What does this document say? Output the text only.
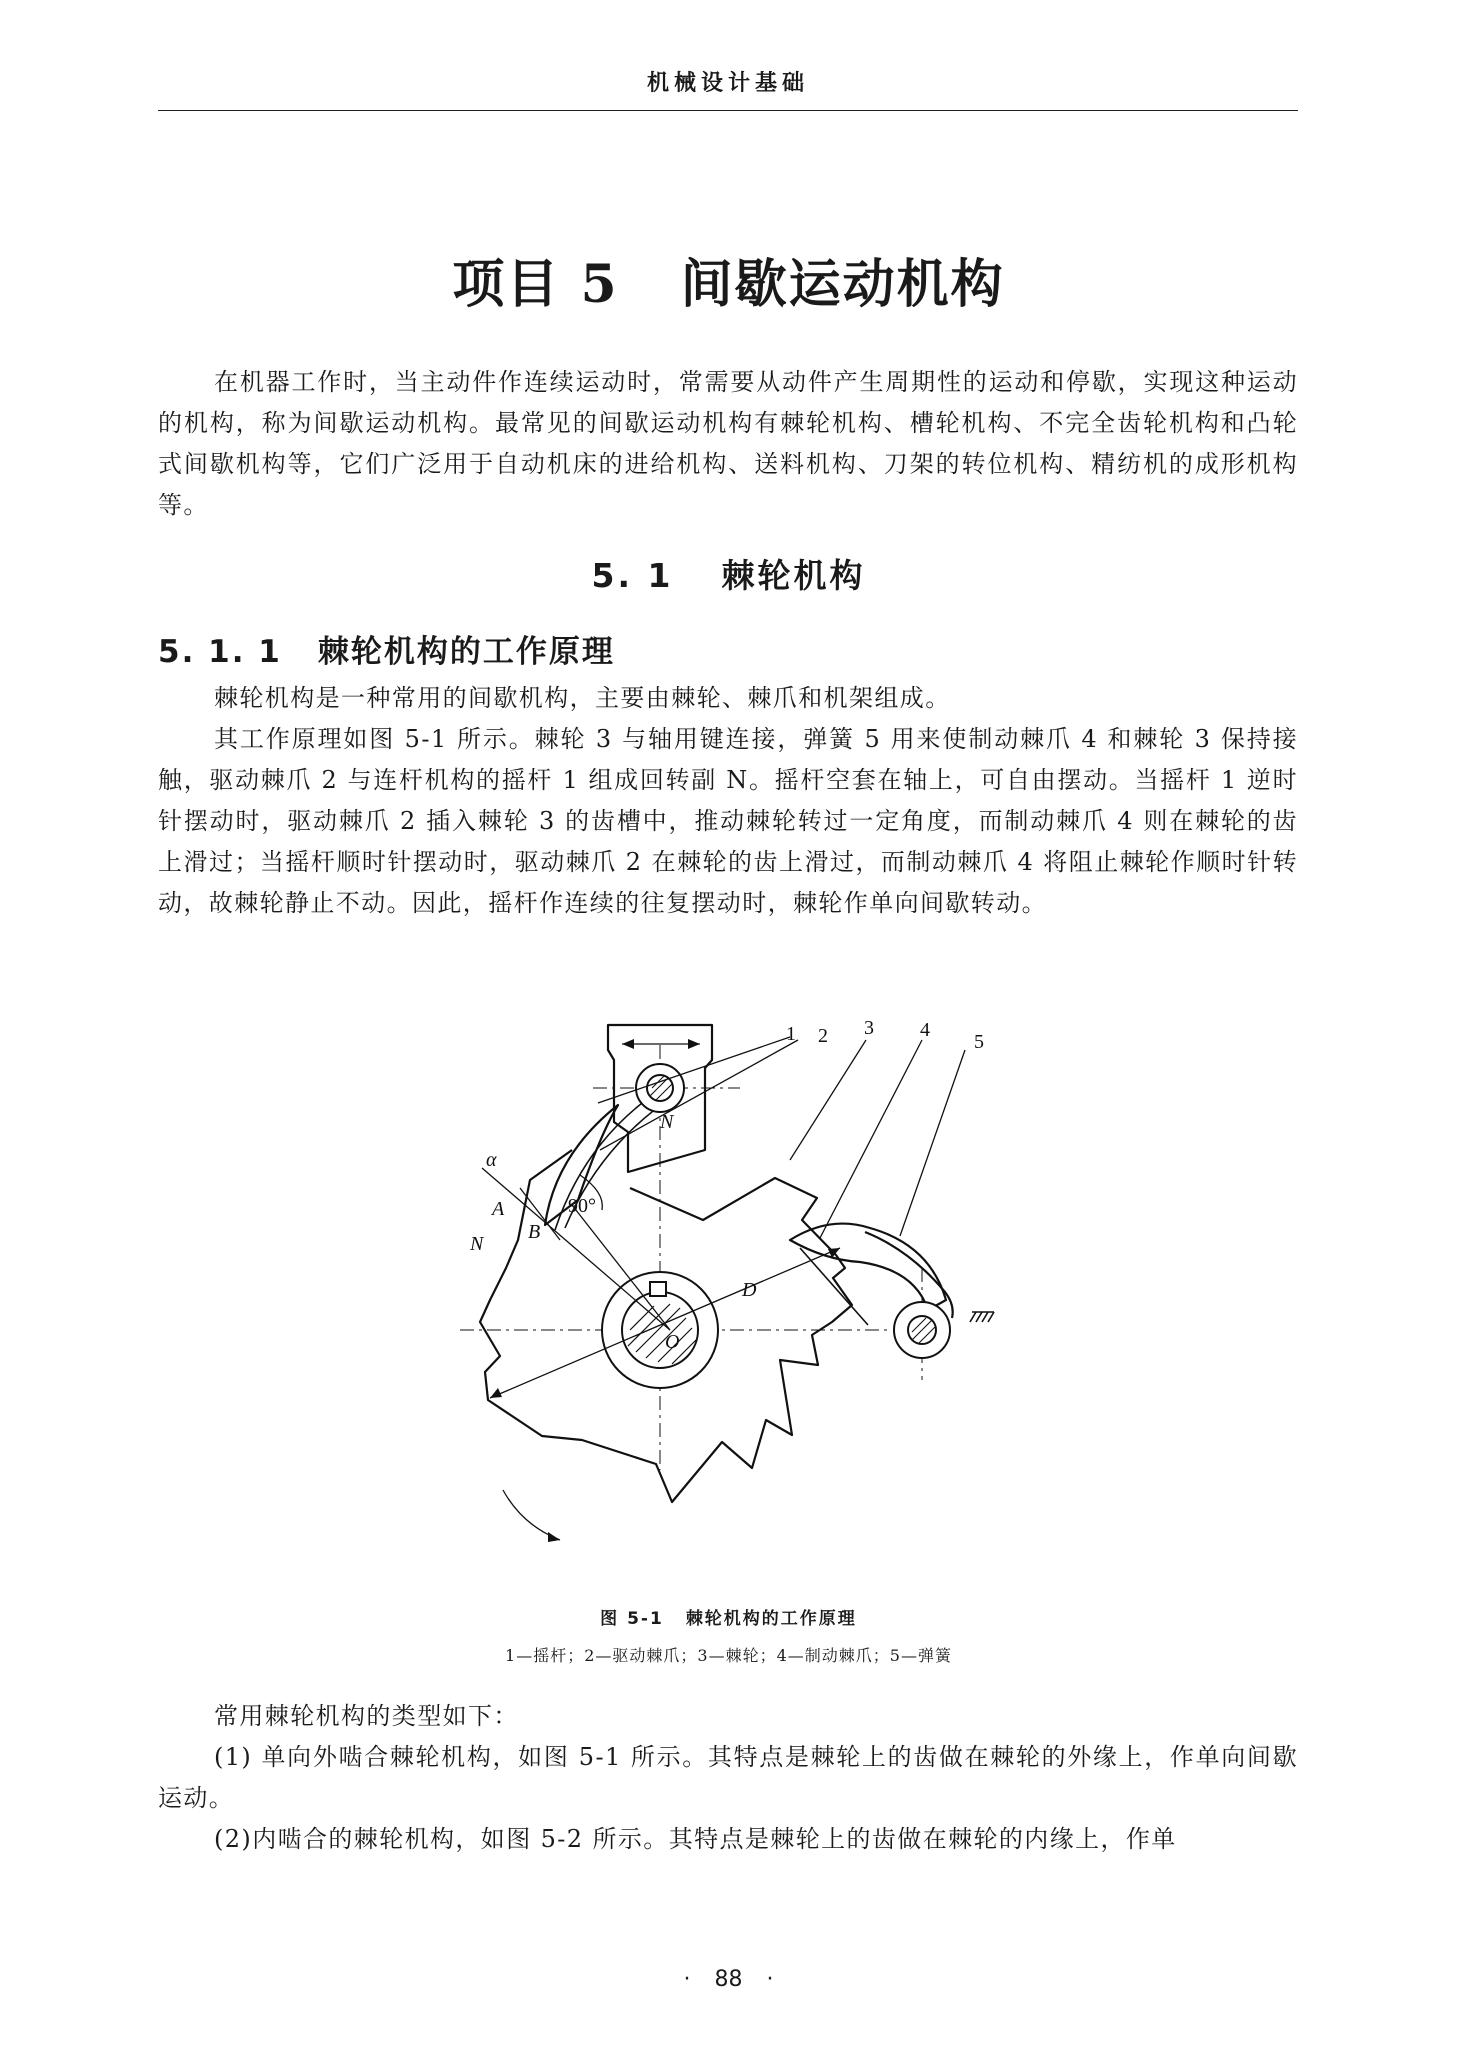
机械设计基础
项目 5 间歇运动机构

在机器工作时，当主动件作连续运动时，常需要从动件产生周期性的运动和停歇，实现这种运动的机构，称为间歇运动机构。最常见的间歇运动机构有棘轮机构、槽轮机构、不完全齿轮机构和凸轮式间歇机构等，它们广泛用于自动机床的进给机构、送料机构、刀架的转位机构、精纺机的成形机构等。

5. 1 棘轮机构
5. 1. 1 棘轮机构的工作原理

棘轮机构是一种常用的间歇机构，主要由棘轮、棘爪和机架组成。

其工作原理如图 5-1 所示。棘轮 3 与轴用键连接，弹簧 5 用来使制动棘爪 4 和棘轮 3 保持接触，驱动棘爪 2 与连杆机构的摇杆 1 组成回转副 N。摇杆空套在轴上，可自由摆动。当摇杆 1 逆时针摆动时，驱动棘爪 2 插入棘轮 3 的齿槽中，推动棘轮转过一定角度，而制动棘爪 4 则在棘轮的齿上滑过；当摇杆顺时针摆动时，驱动棘爪 2 在棘轮的齿上滑过，而制动棘爪 4 将阻止棘轮作顺时针转动，故棘轮静止不动。因此，摇杆作连续的往复摆动时，棘轮作单向间歇转动。

1 2 3 4
5
α
90°
A
B
N
N
D
O
图 5-1 棘轮机构的工作原理
1—摇杆；2—驱动棘爪；3—棘轮；4—制动棘爪；5—弹簧

常用棘轮机构的类型如下：

(1) 单向外啮合棘轮机构，如图 5-1 所示。其特点是棘轮上的齿做在棘轮的外缘上，作单向间歇运动。

(2)内啮合的棘轮机构，如图 5-2 所示。其特点是棘轮上的齿做在棘轮的内缘上，作单

· 88 ·
